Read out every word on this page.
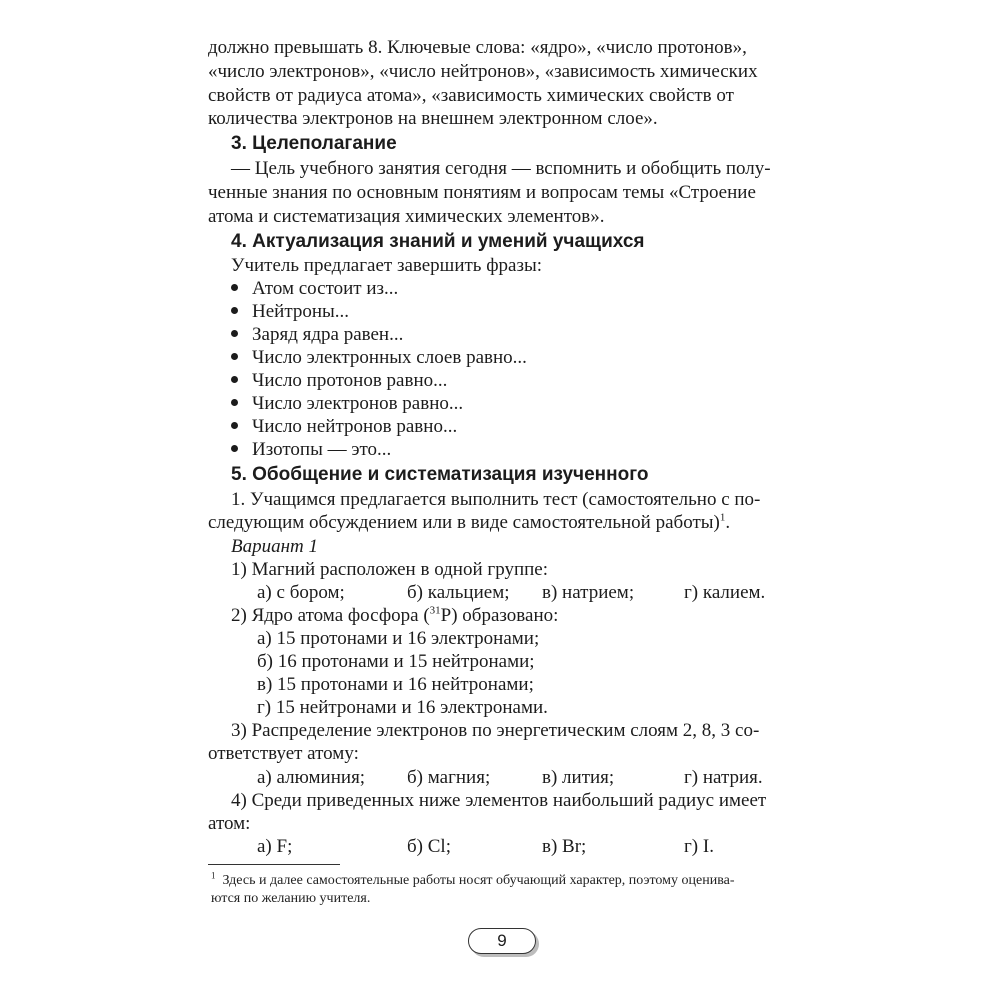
должно превышать 8. Ключевые слова: «ядро», «число протонов»,
«число электронов», «число нейтронов», «зависимость химических
свойств от радиуса атома», «зависимость химических свойств от
количества электронов на внешнем электронном слое».
3. Целеполагание
— Цель учебного занятия сегодня — вспомнить и обобщить полу-
ченные знания по основным понятиям и вопросам темы «Строение
атома и систематизация химических элементов».
4. Актуализация знаний и умений учащихся
Учитель предлагает завершить фразы:
Атом состоит из...
Нейтроны...
Заряд ядра равен...
Число электронных слоев равно...
Число протонов равно...
Число электронов равно...
Число нейтронов равно...
Изотопы — это...
5. Обобщение и систематизация изученного
1. Учащимся предлагается выполнить тест (самостоятельно с по-
следующим обсуждением или в виде самостоятельной работы)$^1$.
Вариант 1
1) Магний расположен в одной группе:
а) с бором;	б) кальцием; в) натрием;	г) калием.
2) Ядро атома фосфора ($^{31}$P) образовано:
а) 15 протонами и 16 электронами;
б) 16 протонами и 15 нейтронами;
в) 15 протонами и 16 нейтронами;
г) 15 нейтронами и 16 электронами.
3) Распределение электронов по энергетическим слоям 2, 8, 3 со-
ответствует атому:
а) алюминия; б) магния;	в) лития;	г) натрия.
4) Среди приведенных ниже элементов наибольший радиус имеет
атом:
а) F;	б) Cl;	в) Br;	г) I.
$^1$ Здесь и далее самостоятельные работы носят обучающий характер, поэтому оценива-
ются по желанию учителя.
9
